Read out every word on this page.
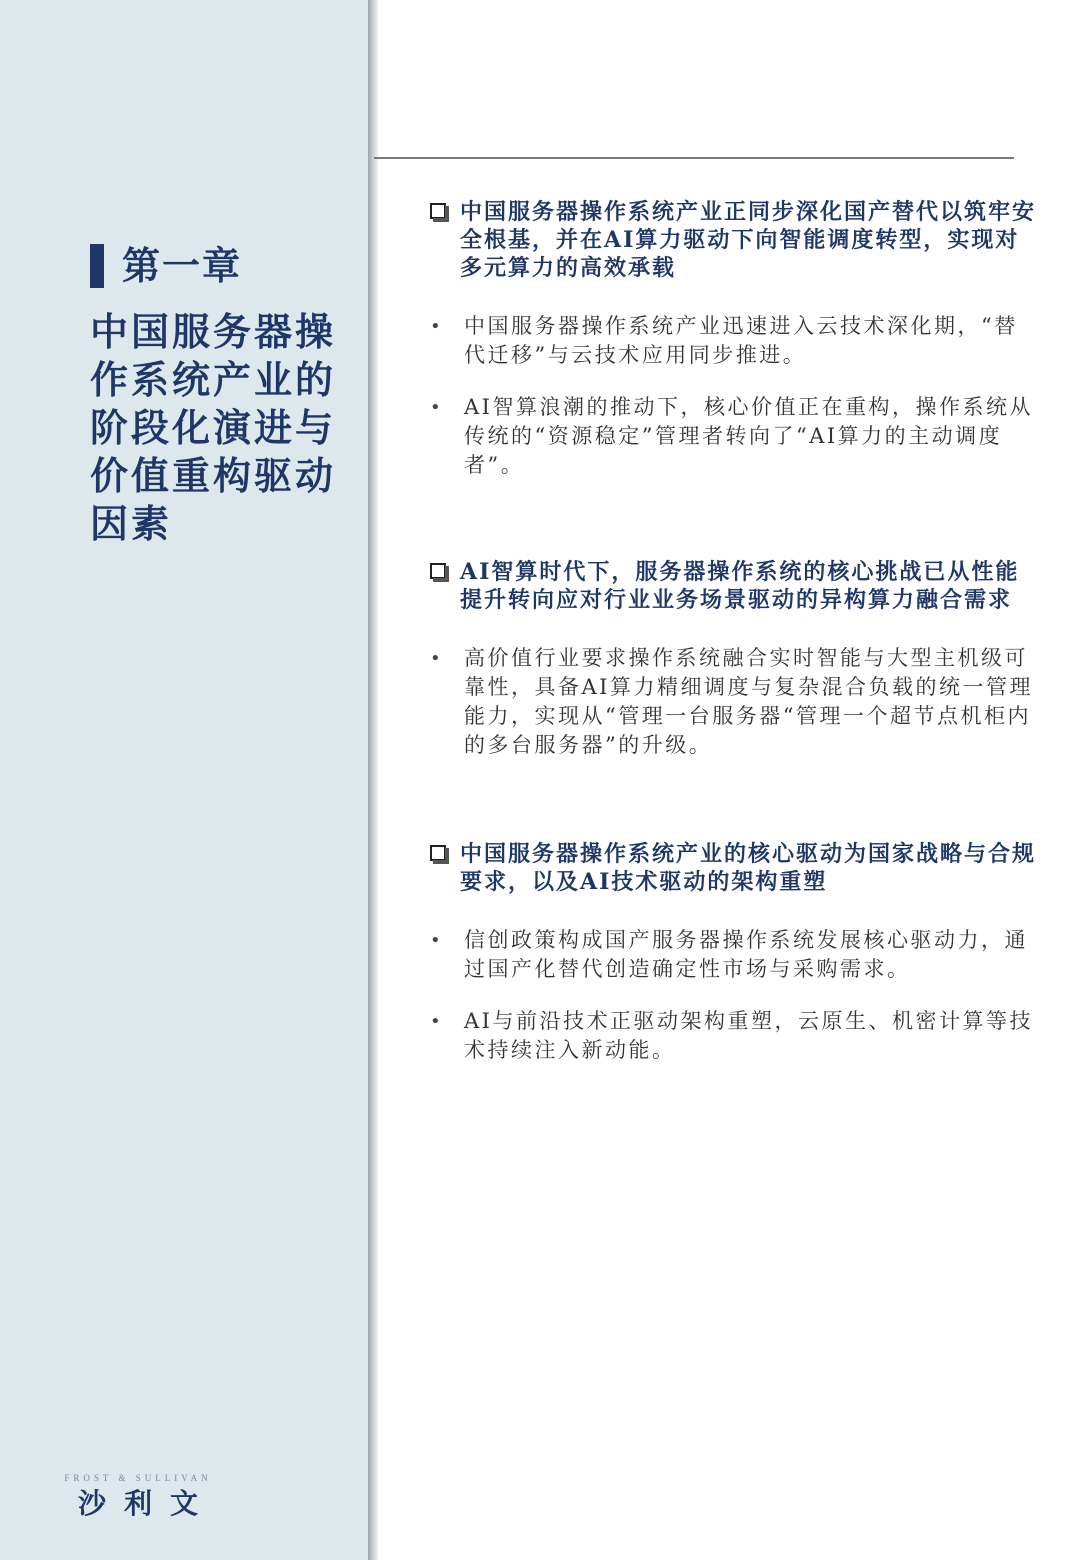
第一章
中国服务器操作系统产业的阶段化演进与价值重构驱动因素
中国服务器操作系统产业正同步深化国产替代以筑牢安全根基，并在AI算力驱动下向智能调度转型，实现对多元算力的高效承载
• 中国服务器操作系统产业迅速进入云技术深化期，“替代迁移”与云技术应用同步推进。
• AI智算浪潮的推动下，核心价值正在重构，操作系统从传统的“资源稳定”管理者转向了“AI算力的主动调度者”。
AI智算时代下，服务器操作系统的核心挑战已从性能提升转向应对行业业务场景驱动的异构算力融合需求
• 高价值行业要求操作系统融合实时智能与大型主机级可靠性，具备AI算力精细调度与复杂混合负载的统一管理能力，实现从“管理一台服务器“管理一个超节点机柜内的多台服务器”的升级。
中国服务器操作系统产业的核心驱动为国家战略与合规要求，以及AI技术驱动的架构重塑
• 信创政策构成国产服务器操作系统发展核心驱动力，通过国产化替代创造确定性市场与采购需求。
• AI与前沿技术正驱动架构重塑，云原生、机密计算等技术持续注入新动能。
FROST & SULLIVAN
沙利文
